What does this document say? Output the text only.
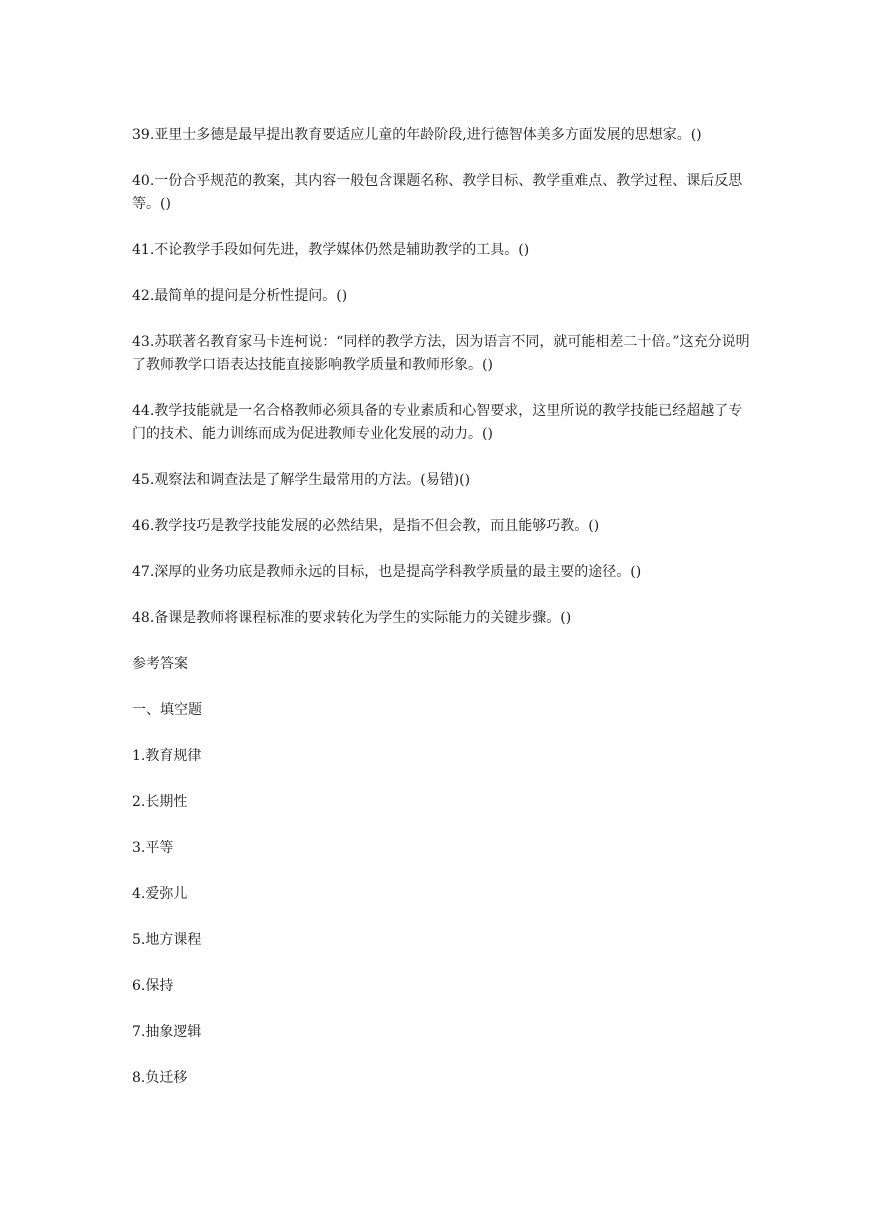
39.亚里士多德是最早提出教育要适应儿童的年龄阶段,进行德智体美多方面发展的思想家。()

40.一份合乎规范的教案，其内容一般包含课题名称、教学目标、教学重难点、教学过程、课后反思等。()

41.不论教学手段如何先进，教学媒体仍然是辅助教学的工具。()

42.最简单的提问是分析性提问。()

43.苏联著名教育家马卡连柯说：“同样的教学方法，因为语言不同，就可能相差二十倍。”这充分说明了教师教学口语表达技能直接影响教学质量和教师形象。()

44.教学技能就是一名合格教师必须具备的专业素质和心智要求，这里所说的教学技能已经超越了专门的技术、能力训练而成为促进教师专业化发展的动力。()

45.观察法和调查法是了解学生最常用的方法。(易错)()

46.教学技巧是教学技能发展的必然结果，是指不但会教，而且能够巧教。()

47.深厚的业务功底是教师永远的目标，也是提高学科教学质量的最主要的途径。()

48.备课是教师将课程标准的要求转化为学生的实际能力的关键步骤。()

参考答案

一、填空题

1.教育规律

2.长期性

3.平等

4.爱弥儿

5.地方课程

6.保持

7.抽象逻辑

8.负迁移
